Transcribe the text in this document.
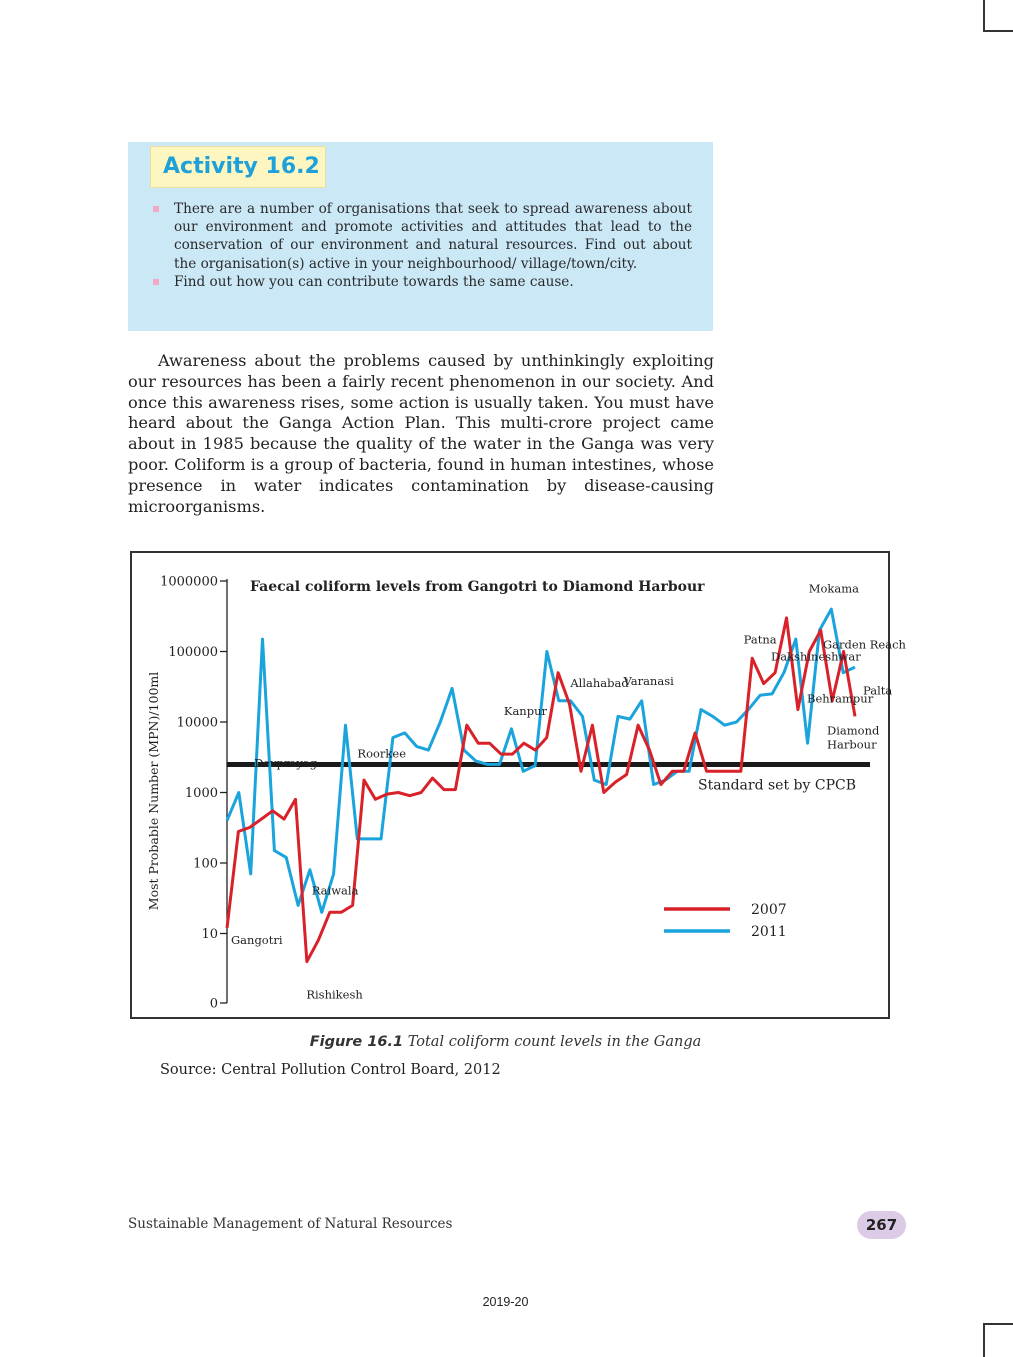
Activity 16.2
There are a number of organisations that seek to spread awareness about our environment and promote activities and attitudes that lead to the conservation of our environment and natural resources. Find out about the organisation(s) active in your neighbourhood/ village/town/city.
Find out how you can contribute towards the same cause.

Awareness about the problems caused by unthinkingly exploiting our resources has been a fairly recent phenomenon in our society. And once this awareness rises, some action is usually taken. You must have heard about the Ganga Action Plan. This multi-crore project came about in 1985 because the quality of the water in the Ganga was very poor. Coliform is a group of bacteria, found in human intestines, whose presence in water indicates contamination by disease-causing microorganisms.

0
10
100
1000
10000
100000
1000000
Most Probable Number (MPN)/100ml
Faecal coliform levels from Gangotri to Diamond Harbour
Standard set by CPCB
Gangotri
Devprayag
Rishikesh
Raiwala
Roorkee
Kanpur
Allahabad
Varanasi
Patna
Mokama
Behrampur
Dakshineshwar
Garden Reach
Palta
Diamond Harbour
2007
2011
Figure 16.1 Total coliform count levels in the Ganga
Source: Central Pollution Control Board, 2012
Sustainable Management of Natural Resources	267
2019-20
